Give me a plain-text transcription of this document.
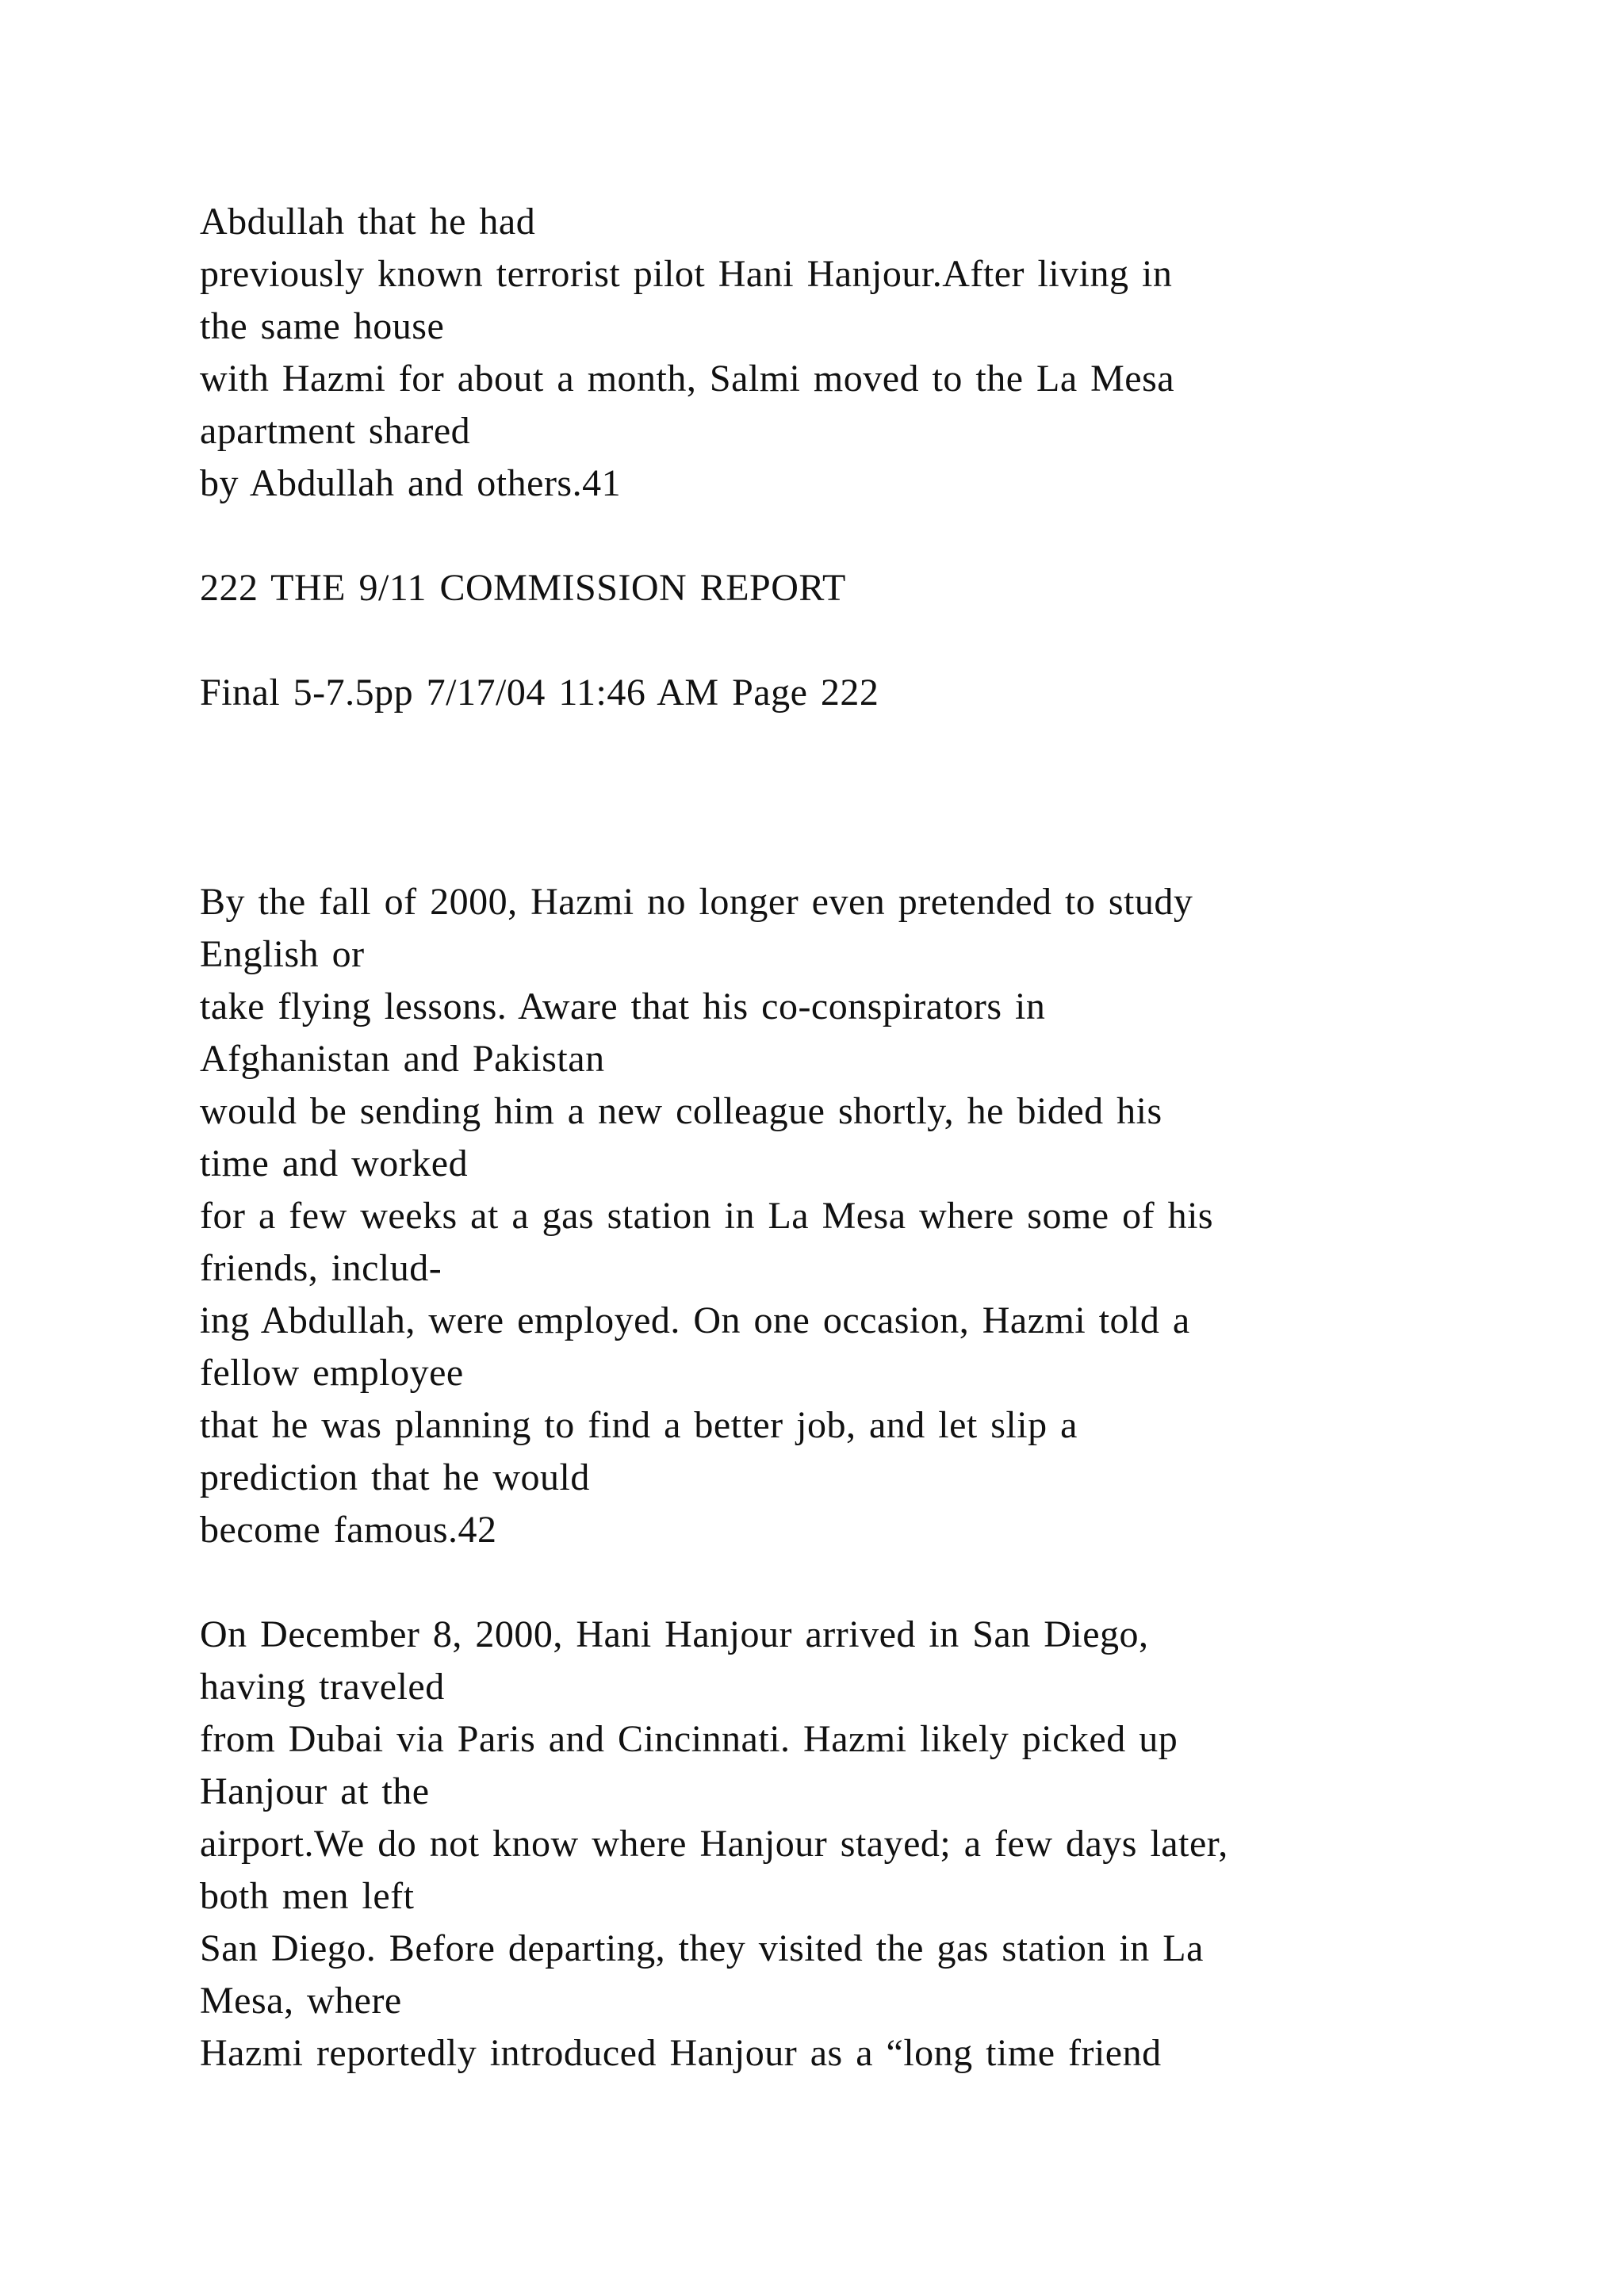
Abdullah that he had
previously known terrorist pilot Hani Hanjour.After living in
the same house
with Hazmi for about a month, Salmi moved to the La Mesa
apartment shared
by Abdullah and others.41
222 THE 9/11 COMMISSION REPORT
Final 5-7.5pp 7/17/04 11:46 AM Page 222
By the fall of 2000, Hazmi no longer even pretended to study
English or
take flying lessons. Aware that his co-conspirators in
Afghanistan and Pakistan
would be sending him a new colleague shortly, he bided his
time and worked
for a few weeks at a gas station in La Mesa where some of his
friends, includ-
ing Abdullah, were employed. On one occasion, Hazmi told a
fellow employee
that he was planning to find a better job, and let slip a
prediction that he would
become famous.42
On December 8, 2000, Hani Hanjour arrived in San Diego,
having traveled
from Dubai via Paris and Cincinnati. Hazmi likely picked up
Hanjour at the
airport.We do not know where Hanjour stayed; a few days later,
both men left
San Diego. Before departing, they visited the gas station in La
Mesa, where
Hazmi reportedly introduced Hanjour as a “long time friend
